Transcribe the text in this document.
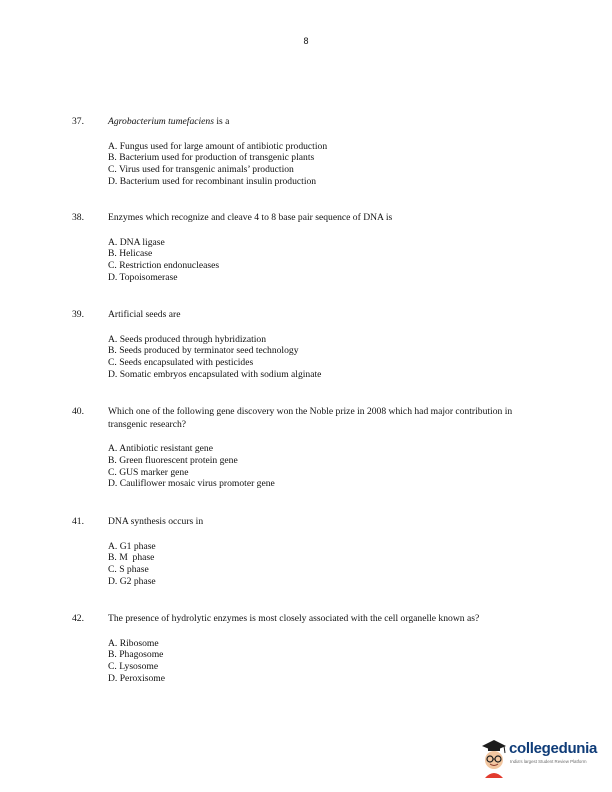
8
37.	Agrobacterium tumefaciens is a
A. Fungus used for large amount of antibiotic production
B. Bacterium used for production of transgenic plants
C. Virus used for transgenic animals’ production
D. Bacterium used for recombinant insulin production
38.	Enzymes which recognize and cleave 4 to 8 base pair sequence of DNA is
A. DNA ligase
B. Helicase
C. Restriction endonucleases
D. Topoisomerase
39.	Artificial seeds are
A. Seeds produced through hybridization
B. Seeds produced by terminator seed technology
C. Seeds encapsulated with pesticides
D. Somatic embryos encapsulated with sodium alginate
40.	Which one of the following gene discovery won the Noble prize in 2008 which had major contribution in transgenic research?
A. Antibiotic resistant gene
B. Green fluorescent protein gene
C. GUS marker gene
D. Cauliflower mosaic virus promoter gene
41.	DNA synthesis occurs in
A. G1 phase
B. M  phase
C. S phase
D. G2 phase
42.	The presence of hydrolytic enzymes is most closely associated with the cell organelle known as?
A. Ribosome
B. Phagosome
C. Lysosome
D. Peroxisome
collegedunia
India's largest Student Review Platform
